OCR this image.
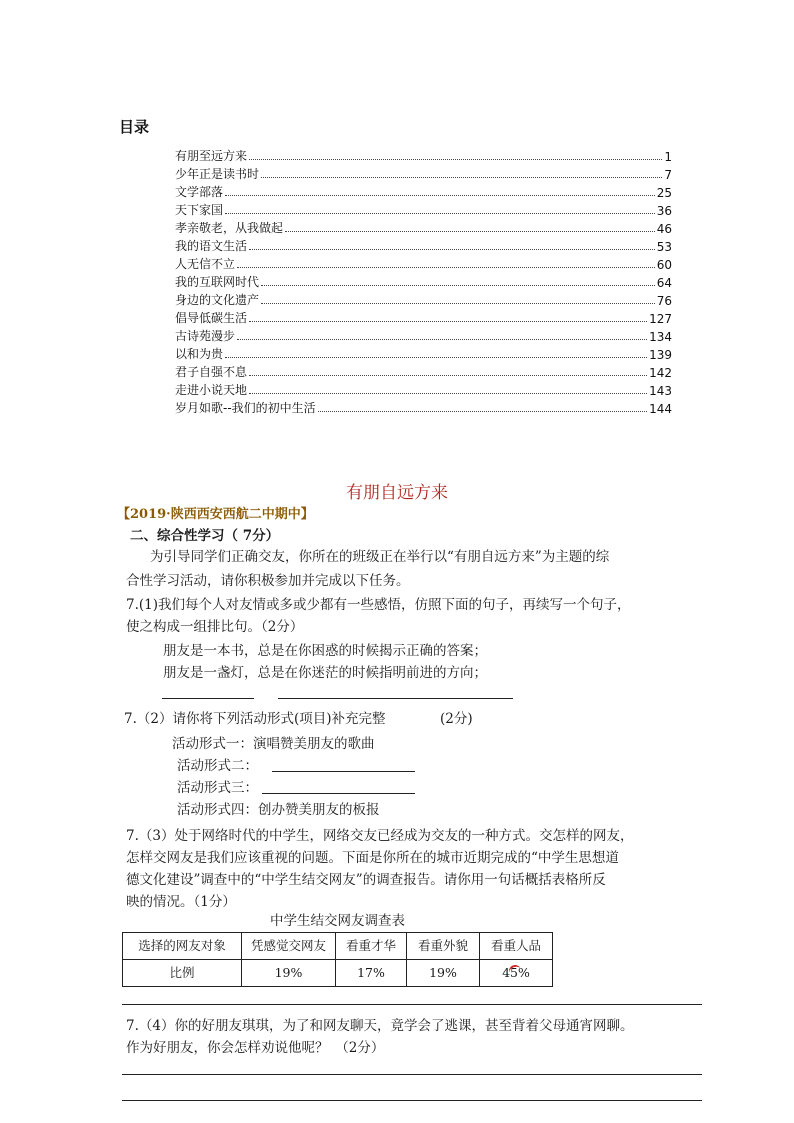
目录
有朋至远方来	1
少年正是读书时	7
文学部落	25
天下家国	36
孝亲敬老，从我做起	46
我的语文生活	53
人无信不立	60
我的互联网时代	64
身边的文化遗产	76
倡导低碳生活	127
古诗苑漫步	134
以和为贵	139
君子自强不息	142
走进小说天地	143
岁月如歌--我们的初中生活	144
有朋自远方来
【2019·陕西西安西航二中期中】
二、综合性学习（ 7分）
为引导同学们正确交友，你所在的班级正在举行以“有朋自远方来”为主题的综
合性学习活动，请你积极参加并完成以下任务。
7.(1)我们每个人对友情或多或少都有一些感悟，仿照下面的句子，再续写一个句子，
使之构成一组排比句。（2分）
朋友是一本书，总是在你困惑的时候揭示正确的答案；
朋友是一盏灯，总是在你迷茫的时候指明前进的方向；
7.（2）请你将下列活动形式(项目)补充完整	(2分)
活动形式一：演唱赞美朋友的歌曲
活动形式二：
活动形式三：
活动形式四：创办赞美朋友的板报
7.（3）处于网络时代的中学生，网络交友已经成为交友的一种方式。交怎样的网友，
怎样交网友是我们应该重视的问题。下面是你所在的城市近期完成的“中学生思想道
德文化建设”调查中的“中学生结交网友”的调查报告。请你用一句话概括表格所反
映的情况。（1分）
中学生结交网友调查表
选择的网友对象	凭感觉交网友	看重才华	看重外貌	看重人品
比例	19%	17%	19%	45%
7.（4）你的好朋友琪琪，为了和网友聊天，竟学会了逃课，甚至背着父母通宵网聊。
作为好朋友，你会怎样劝说他呢？　（2分）
